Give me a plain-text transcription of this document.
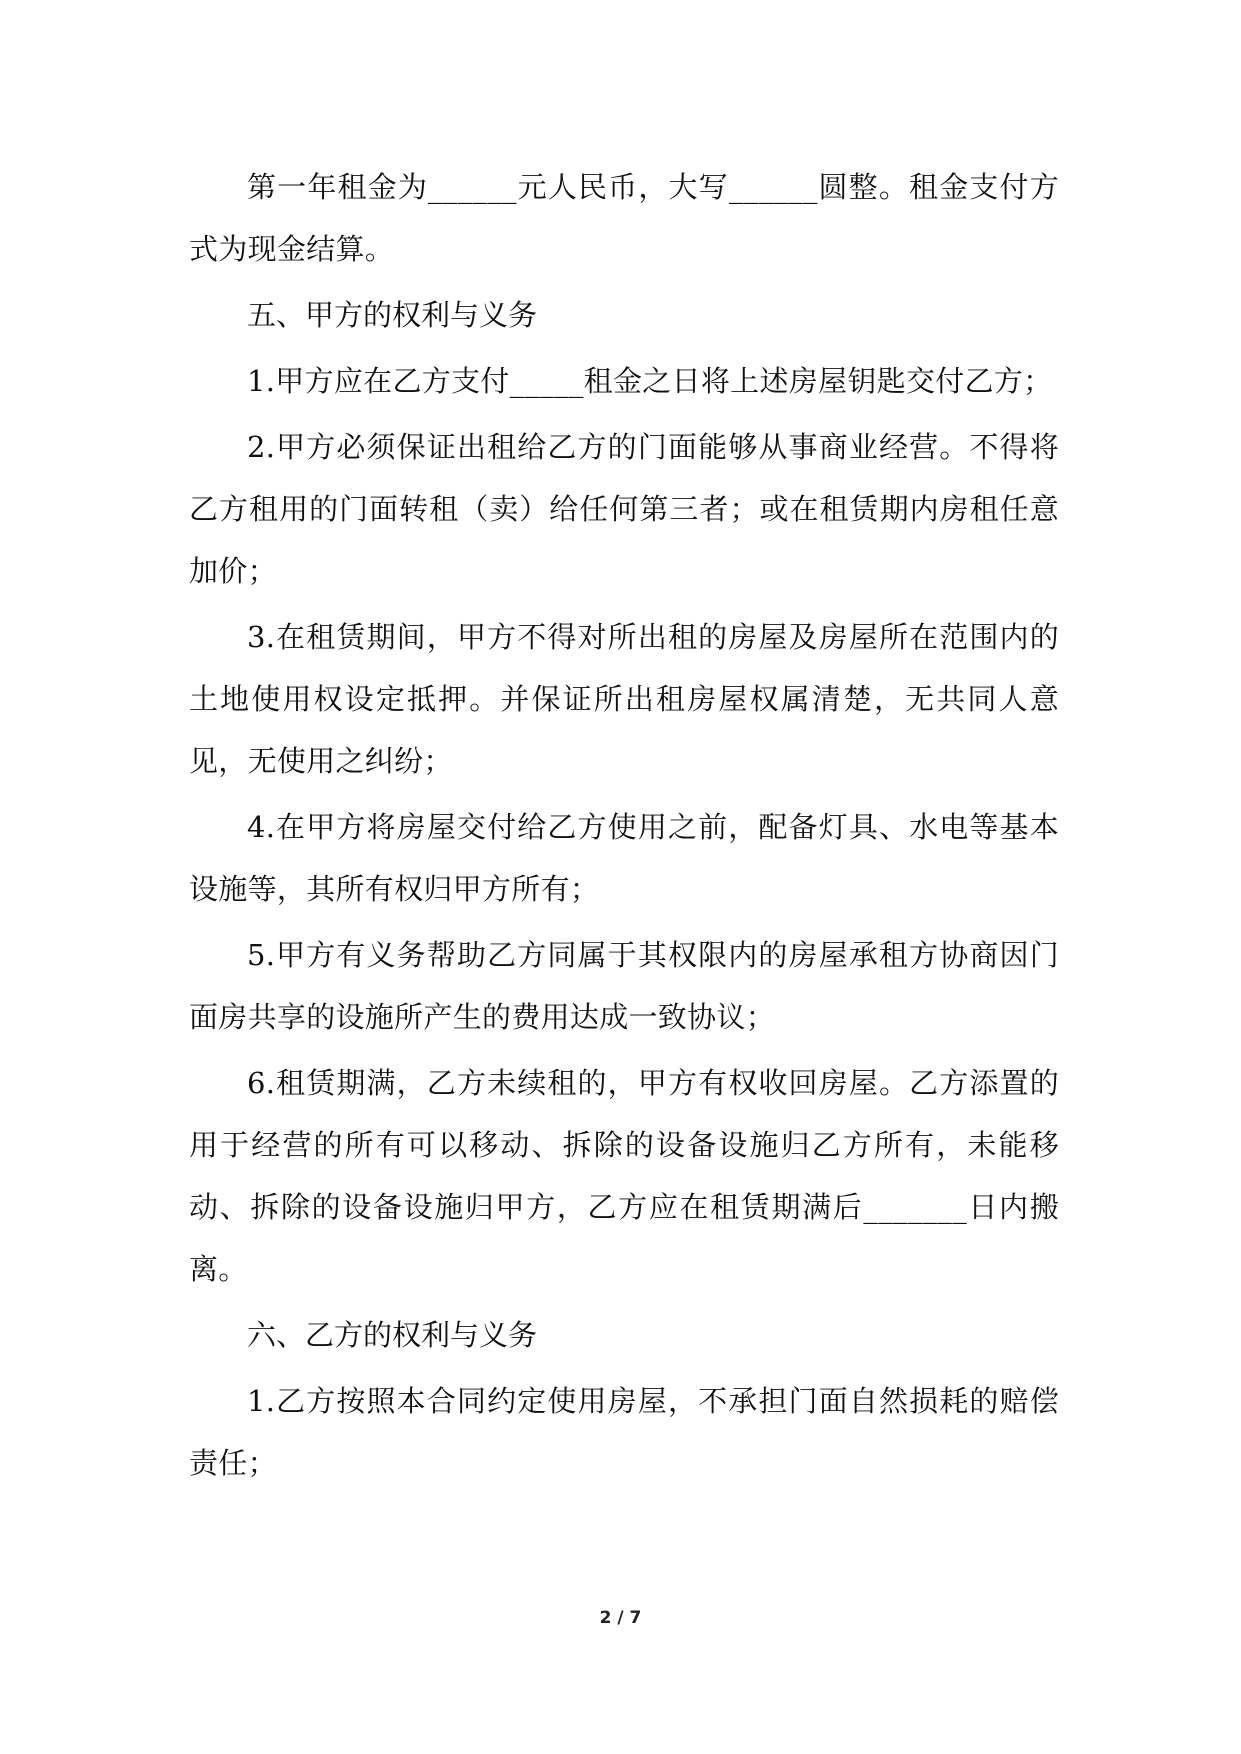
第一年租金为______元人民币，大写______圆整。租金支付方式为现金结算。

五、甲方的权利与义务

1.甲方应在乙方支付_____租金之日将上述房屋钥匙交付乙方；

2.甲方必须保证出租给乙方的门面能够从事商业经营。不得将乙方租用的门面转租（卖）给任何第三者；或在租赁期内房租任意加价；

3.在租赁期间，甲方不得对所出租的房屋及房屋所在范围内的土地使用权设定抵押。并保证所出租房屋权属清楚，无共同人意见，无使用之纠纷；

4.在甲方将房屋交付给乙方使用之前，配备灯具、水电等基本设施等，其所有权归甲方所有；

5.甲方有义务帮助乙方同属于其权限内的房屋承租方协商因门面房共享的设施所产生的费用达成一致协议；

6.租赁期满，乙方未续租的，甲方有权收回房屋。乙方添置的用于经营的所有可以移动、拆除的设备设施归乙方所有，未能移动、拆除的设备设施归甲方，乙方应在租赁期满后_______日内搬离。

六、乙方的权利与义务

1.乙方按照本合同约定使用房屋，不承担门面自然损耗的赔偿责任；

2 / 7
